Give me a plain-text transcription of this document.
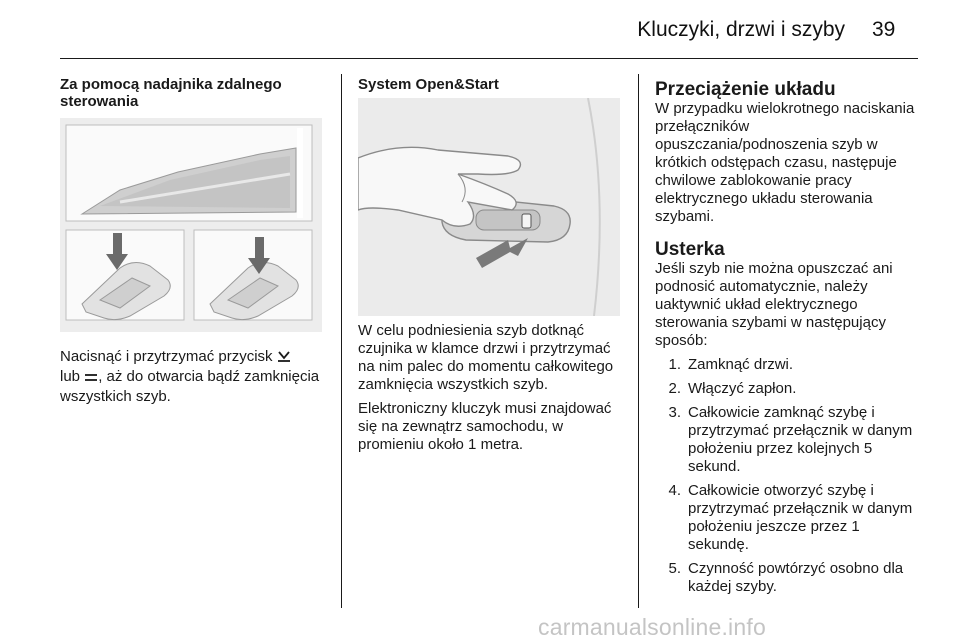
Kluczyki, drzwi i szyby 39
Za pomocą nadajnika zdalnego sterowania

Nacisnąć i przytrzymać przycisk
lub , aż do otwarcia bądź zamknięcia wszystkich szyb.

System Open&Start

W celu podniesienia szyb dotknąć czujnika w klamce drzwi i przytrzymać na nim palec do momentu całkowitego zamknięcia wszystkich szyb.

Elektroniczny kluczyk musi znajdować się na zewnątrz samochodu, w promieniu około 1 metra.

Przeciążenie układu

W przypadku wielokrotnego naciskania przełączników opuszczania/podnoszenia szyb w krótkich odstępach czasu, następuje chwilowe zablokowanie pracy elektrycznego układu sterowania szybami.

Usterka

Jeśli szyb nie można opuszczać ani podnosić automatycznie, należy uaktywnić układ elektrycznego sterowania szybami w następujący sposób:

1. Zamknąć drzwi.
2. Włączyć zapłon.
3. Całkowicie zamknąć szybę i przytrzymać przełącznik w danym położeniu przez kolejnych 5 sekund.
4. Całkowicie otworzyć szybę i przytrzymać przełącznik w danym położeniu jeszcze przez 1 sekundę.
5. Czynność powtórzyć osobno dla każdej szyby.
carmanualsonline.info
